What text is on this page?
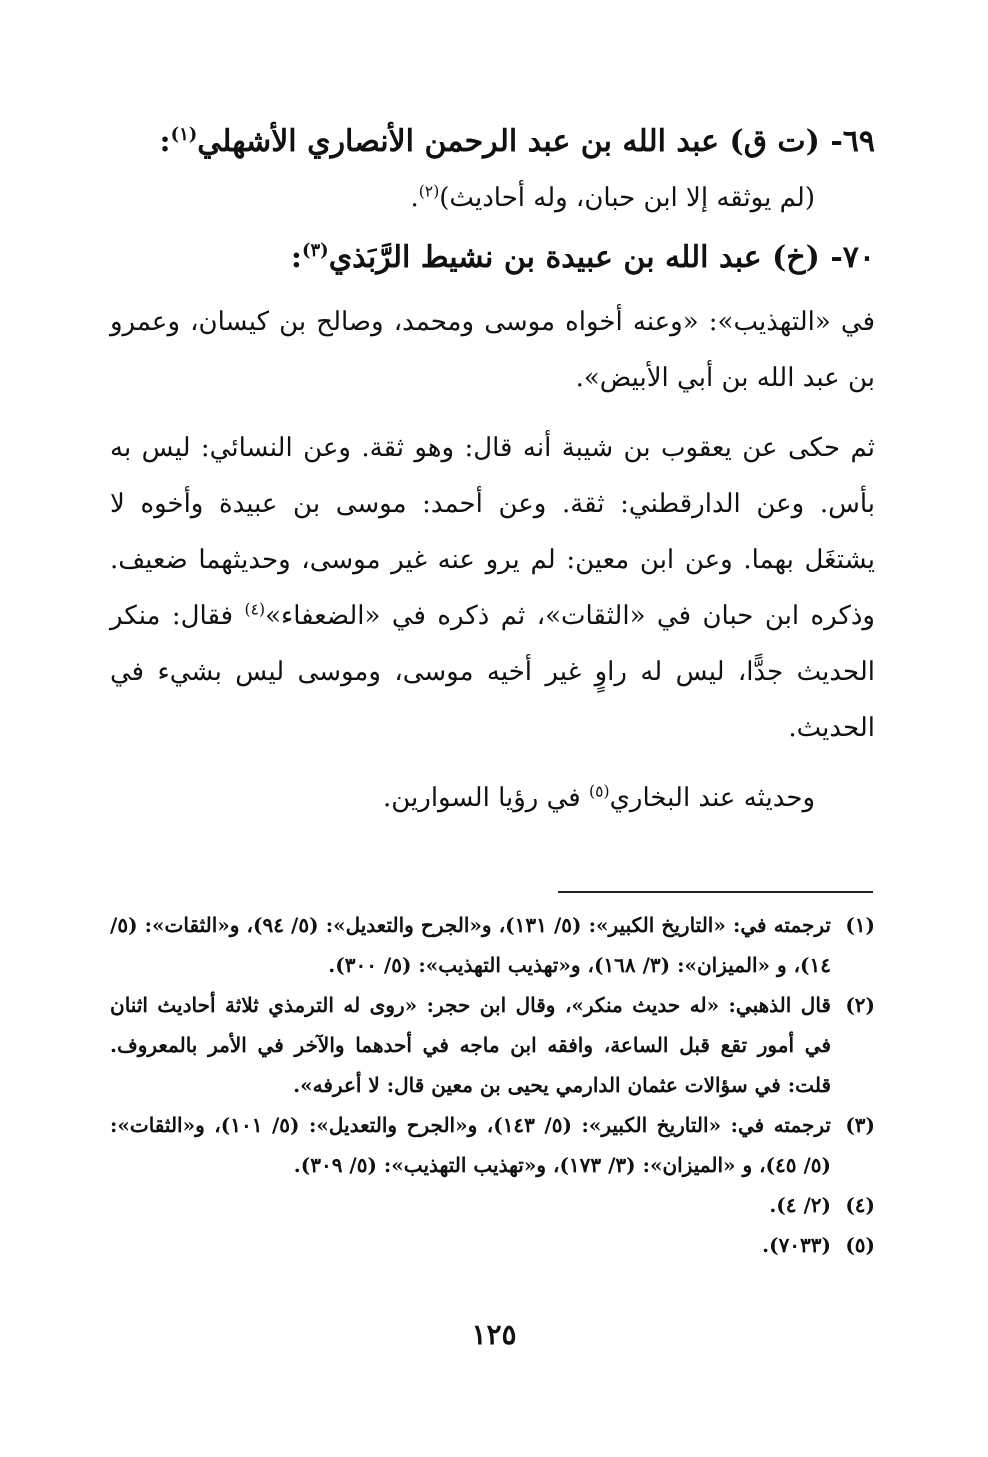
٦٩- (ت ق) عبد الله بن عبد الرحمن الأنصاري الأشهلي$^{(١)}$:

(لم يوثقه إلا ابن حبان، وله أحاديث)$^{(٢)}$.

٧٠- (خ) عبد الله بن عبيدة بن نشيط الرَّبَذي$^{(٣)}$:

في «التهذيب»: «وعنه أخواه موسى ومحمد، وصالح بن كيسان، وعمرو بن عبد الله بن أبي الأبيض».

ثم حكى عن يعقوب بن شيبة أنه قال: وهو ثقة. وعن النسائي: ليس به بأس. وعن الدارقطني: ثقة. وعن أحمد: موسى بن عبيدة وأخوه لا يشتغَل بهما. وعن ابن معين: لم يرو عنه غير موسى، وحديثهما ضعيف. وذكره ابن حبان في «الثقات»، ثم ذكره في «الضعفاء»$^{(٤)}$ فقال: منكر الحديث جدًّا، ليس له راوٍ غير أخيه موسى، وموسى ليس بشيء في الحديث.

وحديثه عند البخاري$^{(٥)}$ في رؤيا السوارين.

(١)
ترجمته في: «التاريخ الكبير»: (٥/ ١٣١)، و«الجرح والتعديل»: (٥/ ٩٤)، و«الثقات»: (٥/ ١٤)، و «الميزان»: (٣/ ١٦٨)، و«تهذيب التهذيب»: (٥/ ٣٠٠).
(٢)
قال الذهبي: «له حديث منكر»، وقال ابن حجر: «روى له الترمذي ثلاثة أحاديث اثنان في أمور تقع قبل الساعة، وافقه ابن ماجه في أحدهما والآخر في الأمر بالمعروف. قلت: في سؤالات عثمان الدارمي يحيى بن معين قال: لا أعرفه».
(٣)
ترجمته في: «التاريخ الكبير»: (٥/ ١٤٣)، و«الجرح والتعديل»: (٥/ ١٠١)، و«الثقات»: (٥/ ٤٥)، و «الميزان»: (٣/ ١٧٣)، و«تهذيب التهذيب»: (٥/ ٣٠٩).
(٤)
(٢/ ٤).
(٥)
(٧٠٣٣).
١٢٥
